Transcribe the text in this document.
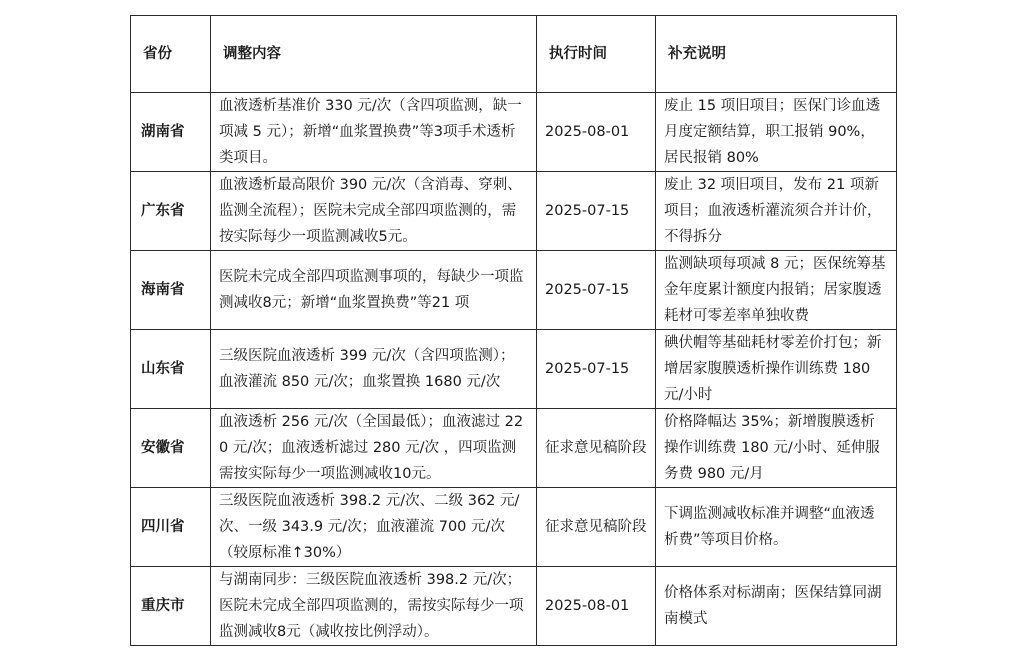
省份	调整内容	执行时间	补充说明
湖南省	血液透析基准价 330 元/次（含四项监测，缺一项减 5 元）；新增“血浆置换费”等3项手术透析类项目。	2025-08-01	废止 15 项旧项目；医保门诊血透月度定额结算，职工报销 90%，居民报销 80%
广东省	血液透析最高限价 390 元/次（含消毒、穿刺、监测全流程）；医院未完成全部四项监测的，需按实际每少一项监测减收5元。	2025-07-15	废止 32 项旧项目，发布 21 项新项目；血液透析灌流须合并计价，不得拆分
海南省	医院未完成全部四项监测事项的，每缺少一项监测减收8元；新增“血浆置换费”等21 项	2025-07-15	监测缺项每项减 8 元；医保统筹基金年度累计额度内报销；居家腹透耗材可零差率单独收费
山东省	三级医院血液透析 399 元/次（含四项监测）；血液灌流 850 元/次；血浆置换 1680 元/次	2025-07-15	碘伏帽等基础耗材零差价打包；新增居家腹膜透析操作训练费 180 元/小时
安徽省	血液透析 256 元/次（全国最低）；血液滤过 220 元/次；血液透析滤过 280 元/次 ，四项监测需按实际每少一项监测减收10元。	征求意见稿阶段	价格降幅达 35%；新增腹膜透析操作训练费 180 元/小时、延伸服务费 980 元/月
四川省	三级医院血液透析 398.2 元/次、二级 362 元/次、一级 343.9 元/次；血液灌流 700 元/次（较原标准↑30%）	征求意见稿阶段	下调监测减收标准并调整“血液透析费”等项目价格。
重庆市	与湖南同步：三级医院血液透析 398.2 元/次；医院未完成全部四项监测的，需按实际每少一项监测减收8元（减收按比例浮动）。	2025-08-01	价格体系对标湖南；医保结算同湖南模式
